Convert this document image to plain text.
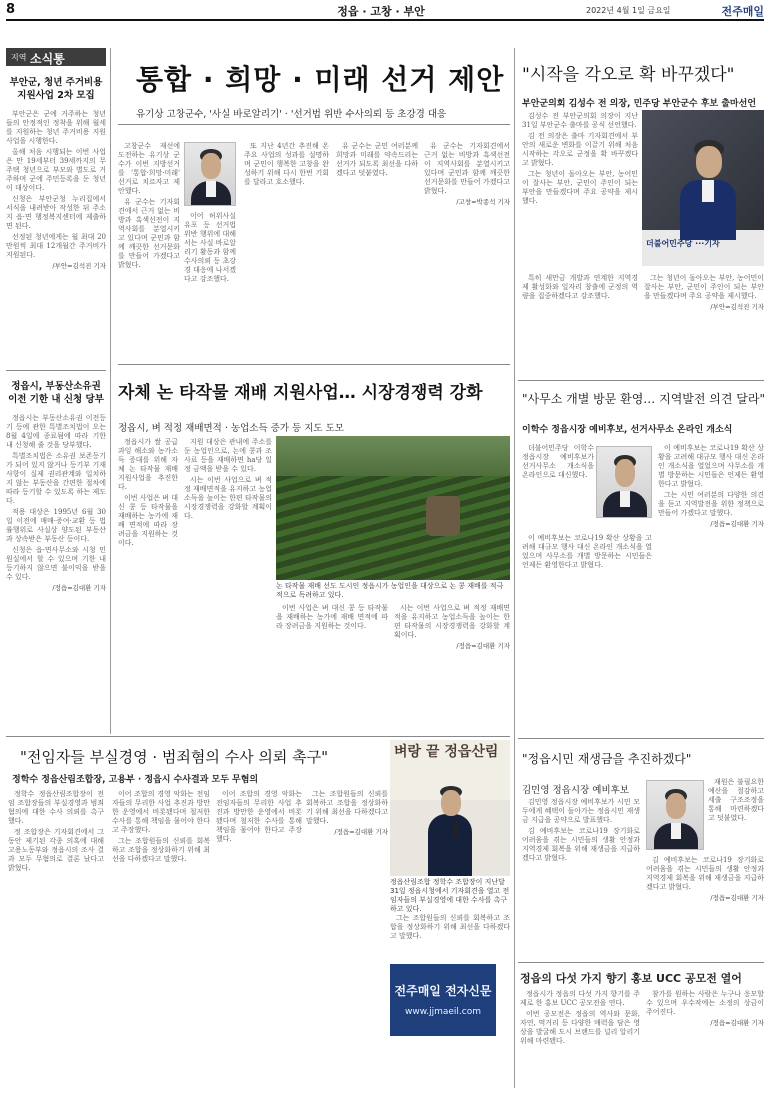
8	정읍 · 고창 · 부안	2022년 4월 1일 금요일	전주매일
지역 소식통
부안군, 청년 주거비용
지원사업 2차 모집

부안군은 군에 거주하는 청년들의 안정적인 정착을 위해 월세를 지원하는 청년 주거비용 지원사업을 시행한다.

올해 처음 시행되는 이번 사업은 만 19세부터 39세까지의 무주택 청년으로 부모와 별도로 거주하며 군에 주민등록을 둔 청년이 대상이다.

신청은 부안군청 누리집에서 서식을 내려받아 작성한 뒤 주소지 읍·면 행정복지센터에 제출하면 된다.

선정된 청년에게는 월 최대 20만원씩 최대 12개월간 주거비가 지원된다.

/부안=김석진 기자
정읍시, 부동산소유권
이전 기한 내 신청 당부

정읍시는 부동산소유권 이전등기 등에 관한 특별조치법이 오는 8월 4일에 종료됨에 따라 기한 내 신청해 줄 것을 당부했다.

특별조치법은 소유권 보존등기가 되어 있지 않거나 등기부 기재사항이 실제 권리관계와 일치하지 않는 부동산을 간편한 절차에 따라 등기할 수 있도록 하는 제도다.

적용 대상은 1995년 6월 30일 이전에 매매·증여·교환 등 법률행위로 사실상 양도된 부동산과 상속받은 부동산 등이다.

신청은 읍·면사무소와 시청 민원실에서 할 수 있으며 기한 내 등기하지 않으면 불이익을 받을 수 있다.

/정읍=김대환 기자
통합 · 희망 · 미래 선거 제안
유기상 고창군수, '사실 바로알리기' · '선거법 위반 수사의뢰 등 초강경 대응

고창군수 재선에 도전하는 유기상 군수가 이번 지방선거를 '통합·희망·미래' 선거로 치르자고 제안했다.

유 군수는 기자회견에서 근거 없는 비방과 흑색선전이 지역사회를 분열시키고 있다며 군민과 함께 깨끗한 선거문화를 만들어 가겠다고 밝혔다.

이어 허위사실 유포 등 선거법 위반 행위에 대해서는 사실 바로알리기 활동과 함께 수사의뢰 등 초강경 대응에 나서겠다고 강조했다.

또 지난 4년간 추진해 온 주요 사업의 성과를 설명하며 군민이 행복한 고창을 완성하기 위해 다시 한번 기회를 달라고 호소했다.

유 군수는 군민 여러분께 희망과 미래를 약속드리는 선거가 되도록 최선을 다하겠다고 덧붙였다.

유 군수는 기자회견에서 근거 없는 비방과 흑색선전이 지역사회를 분열시키고 있다며 군민과 함께 깨끗한 선거문화를 만들어 가겠다고 밝혔다.

/고창=박종석 기자
"시작을 각오로 확 바꾸겠다"
부안군의회 김성수 전 의장, 민주당 부안군수 후보 출마선언

김성수 전 부안군의회 의장이 지난 31일 부안군수 출마를 공식 선언했다.

김 전 의장은 출마 기자회견에서 부안의 새로운 변화를 이끌기 위해 처음 시작하는 각오로 군정을 확 바꾸겠다고 밝혔다.

그는 청년이 돌아오는 부안, 농어민이 잘사는 부안, 군민이 주인이 되는 부안을 만들겠다며 주요 공약을 제시했다.

더불어민주당 ···기자

특히 새만금 개발과 연계한 지역경제 활성화와 일자리 창출에 군정의 역량을 집중하겠다고 강조했다.

그는 청년이 돌아오는 부안, 농어민이 잘사는 부안, 군민이 주인이 되는 부안을 만들겠다며 주요 공약을 제시했다.

/부안=김석진 기자
자체 논 타작물 재배 지원사업… 시장경쟁력 강화
정읍시, 벼 적정 재배면적 · 농업소득 증가 등 지도 도모

정읍시가 쌀 공급과잉 해소와 농가소득 증대를 위해 자체 논 타작물 재배 지원사업을 추진한다.

이번 사업은 벼 대신 콩 등 타작물을 재배하는 농가에 재배 면적에 따라 장려금을 지원하는 것이다.

지원 대상은 관내에 주소를 둔 농업인으로, 논에 콩과 조사료 등을 재배하면 ha당 일정 금액을 받을 수 있다.

시는 이번 사업으로 벼 적정 재배면적을 유지하고 농업소득을 높이는 한편 타작물의 시장경쟁력을 강화할 계획이다.

논 타작물 재배 선도 도시인 정읍시가 농업인을 대상으로 논 콩 재배를 적극적으로 독려하고 있다.

이번 사업은 벼 대신 콩 등 타작물을 재배하는 농가에 재배 면적에 따라 장려금을 지원하는 것이다.

시는 이번 사업으로 벼 적정 재배면적을 유지하고 농업소득을 높이는 한편 타작물의 시장경쟁력을 강화할 계획이다.

/정읍=김대환 기자
"사무소 개별 방문 환영… 지역발전 의견 달라"
이학수 정읍시장 예비후보, 선거사무소 온라인 개소식

더불어민주당 이학수 정읍시장 예비후보가 선거사무소 개소식을 온라인으로 대신했다.

이 예비후보는 코로나19 확산 상황을 고려해 대규모 행사 대신 온라인 개소식을 열었으며 사무소를 개별 방문하는 시민들은 언제든 환영한다고 밝혔다.

이 예비후보는 코로나19 확산 상황을 고려해 대규모 행사 대신 온라인 개소식을 열었으며 사무소를 개별 방문하는 시민들은 언제든 환영한다고 밝혔다.

그는 시민 여러분의 다양한 의견을 듣고 지역발전을 위한 정책으로 만들어 가겠다고 말했다.

/정읍=김대환 기자
"정읍시민 재생금을 추진하겠다"
김민영 정읍시장 예비후보

김민영 정읍시장 예비후보가 시민 모두에게 혜택이 돌아가는 정읍시민 재생금 지급을 공약으로 발표했다.

김 예비후보는 코로나19 장기화로 어려움을 겪는 시민들의 생활 안정과 지역경제 회복을 위해 재생금을 지급하겠다고 밝혔다.

재원은 불필요한 예산을 절감하고 세출 구조조정을 통해 마련하겠다고 덧붙였다.

김 예비후보는 코로나19 장기화로 어려움을 겪는 시민들의 생활 안정과 지역경제 회복을 위해 재생금을 지급하겠다고 밝혔다.

/정읍=김대환 기자
"전임자들 부실경영 · 범죄혐의 수사 의뢰 촉구"
정학수 정읍산림조합장, 고용부 · 정읍시 수사결과 모두 무혐의

정학수 정읍산림조합장이 전임 조합장들의 부실경영과 범죄 혐의에 대한 수사 의뢰를 촉구했다.

정 조합장은 기자회견에서 그동안 제기된 각종 의혹에 대해 고용노동부와 정읍시의 조사 결과 모두 무혐의로 결론 났다고 밝혔다.

이어 조합의 경영 악화는 전임자들의 무리한 사업 추진과 방만한 운영에서 비롯됐다며 철저한 수사를 통해 책임을 물어야 한다고 주장했다.

그는 조합원들의 신뢰를 회복하고 조합을 정상화하기 위해 최선을 다하겠다고 말했다.

이어 조합의 경영 악화는 전임자들의 무리한 사업 추진과 방만한 운영에서 비롯됐다며 철저한 수사를 통해 책임을 물어야 한다고 주장했다.

그는 조합원들의 신뢰를 회복하고 조합을 정상화하기 위해 최선을 다하겠다고 말했다.

/정읍=김대환 기자
벼랑 끝 정읍산림
정읍산림조합 정학수 조합장이 지난달 31일 정읍시청에서 기자회견을 열고 전임자들의 부실경영에 대한 수사를 촉구하고 있다.

그는 조합원들의 신뢰를 회복하고 조합을 정상화하기 위해 최선을 다하겠다고 말했다.

전주매일 전자신문
www.jjmaeil.com
정읍의 다섯 가지 향기 홍보 UCC 공모전 열어

정읍시가 정읍의 다섯 가지 향기를 주제로 한 홍보 UCC 공모전을 연다.

이번 공모전은 정읍의 역사와 문화, 자연, 먹거리 등 다양한 매력을 담은 영상을 발굴해 도시 브랜드를 널리 알리기 위해 마련됐다.

참가를 원하는 사람은 누구나 응모할 수 있으며 우수작에는 소정의 상금이 주어진다.

/정읍=김대환 기자
